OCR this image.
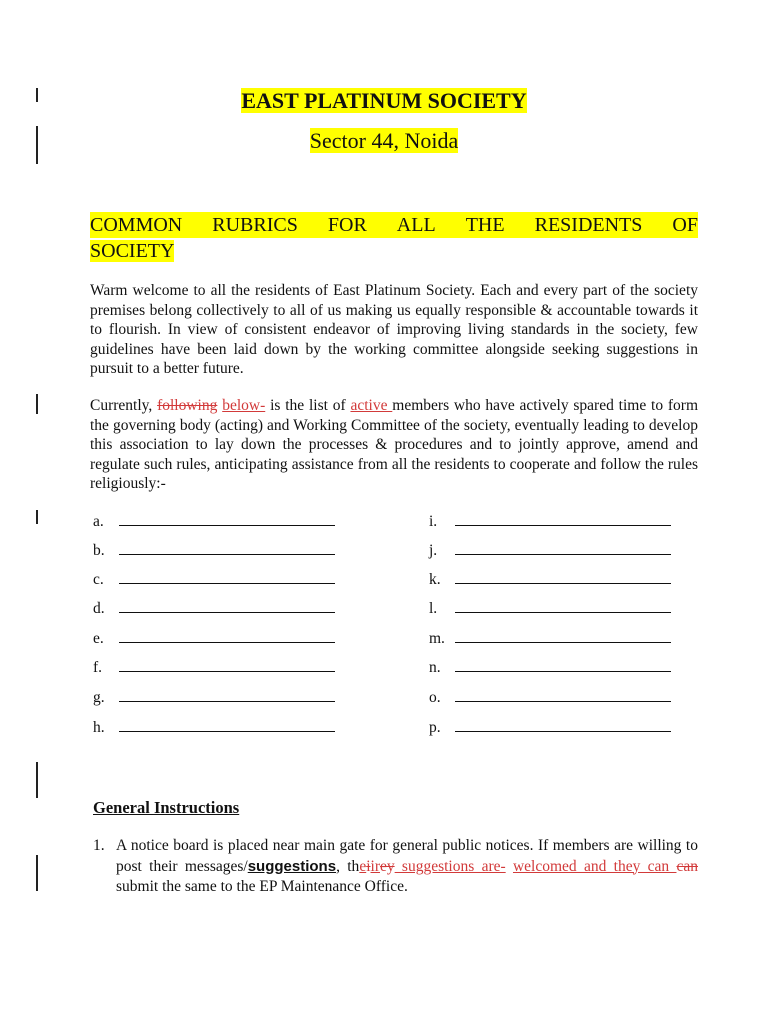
EAST PLATINUM SOCIETY
Sector 44, Noida
COMMON RUBRICS FOR ALL THE RESIDENTS OF
SOCIETY

Warm welcome to all the residents of East Platinum Society. Each and every part of the society premises belong collectively to all of us making us equally responsible & accountable towards it to flourish. In view of consistent endeavor of improving living standards in the society, few guidelines have been laid down by the working committee alongside seeking suggestions in pursuit to a better future.

Currently, following below- is the list of active members who have actively spared time to form the governing body (acting) and Working Committee of the society, eventually leading to develop this association to lay down the processes & procedures and to jointly approve, amend and regulate such rules, anticipating assistance from all the residents to cooperate and follow the rules religiously:-

a.
b.
c.
d.
e.
f.
g.
h.
i.
j.
k.
l.
m.
n.
o.
p.
General Instructions
1. A notice board is placed near main gate for general public notices. If members are willing to post their messages/suggestions, theiirey suggestions are- welcomed and they can can submit the same to the EP Maintenance Office.
